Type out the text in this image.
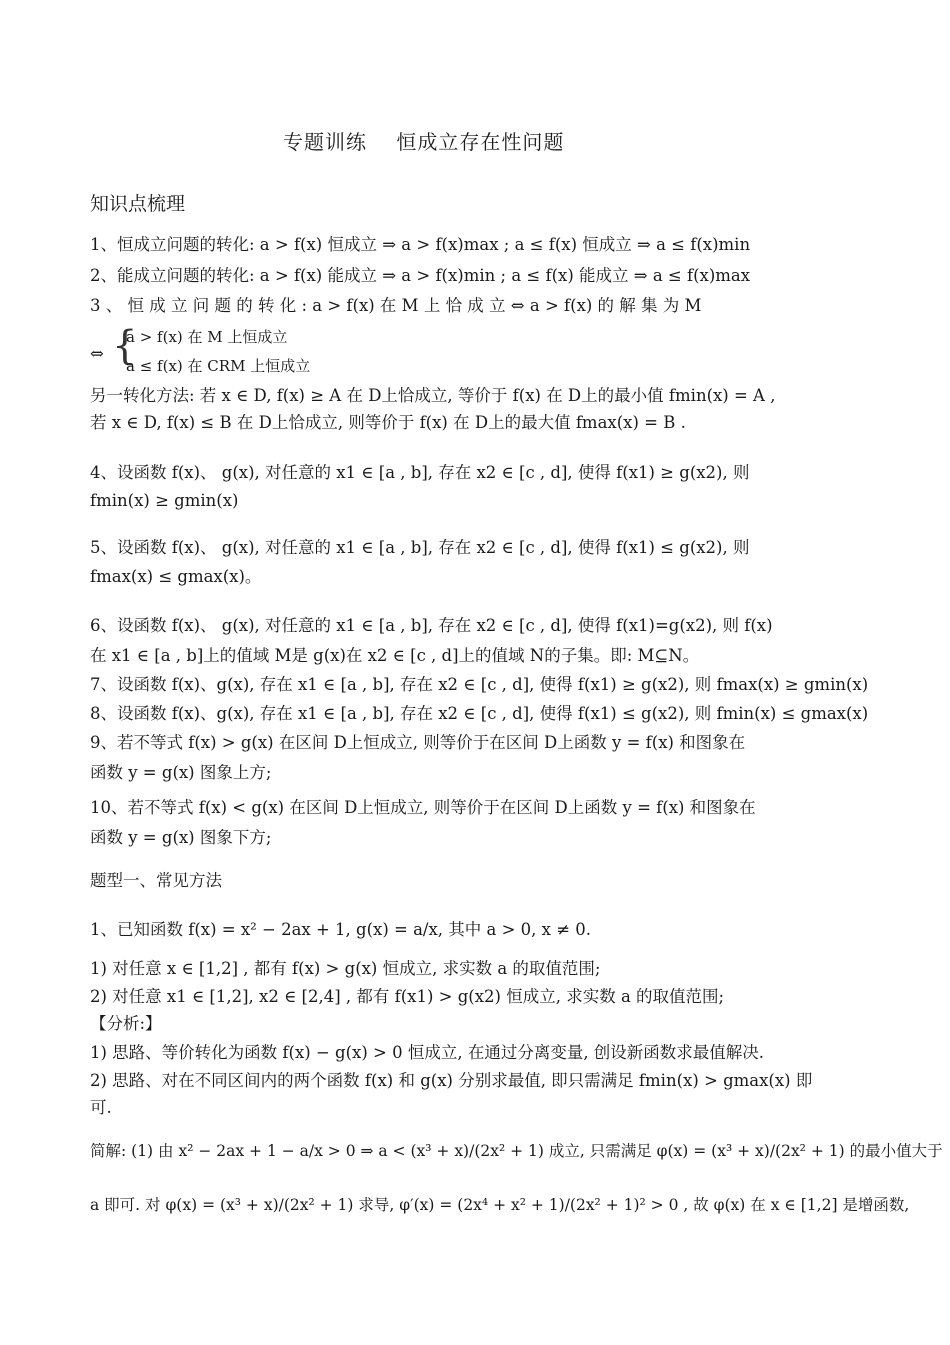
专题训练    恒成立存在性问题
知识点梳理
1、恒成立问题的转化: a > f(x) 恒成立 ⇒ a > f(x)max ; a ≤ f(x) 恒成立 ⇒ a ≤ f(x)min
2、能成立问题的转化: a > f(x) 能成立 ⇒ a > f(x)min ; a ≤ f(x) 能成立 ⇒ a ≤ f(x)max
3 、 恒 成 立 问 题 的 转 化 : a > f(x) 在 M 上 恰 成 立 ⇔ a > f(x) 的 解 集 为 M
⇔ {
a > f(x) 在 M 上恒成立
a ≤ f(x) 在 CRM 上恒成立
另一转化方法: 若 x ∈ D, f(x) ≥ A 在 D上恰成立, 等价于 f(x) 在 D上的最小值 fmin(x) = A ,
若 x ∈ D, f(x) ≤ B 在 D上恰成立, 则等价于 f(x) 在 D上的最大值 fmax(x) = B .
4、设函数 f(x)、 g(x), 对任意的 x1 ∈ [a , b], 存在 x2 ∈ [c , d], 使得 f(x1) ≥ g(x2), 则
fmin(x) ≥ gmin(x)
5、设函数 f(x)、 g(x), 对任意的 x1 ∈ [a , b], 存在 x2 ∈ [c , d], 使得 f(x1) ≤ g(x2), 则
fmax(x) ≤ gmax(x)。
6、设函数 f(x)、 g(x), 对任意的 x1 ∈ [a , b], 存在 x2 ∈ [c , d], 使得 f(x1)=g(x2), 则 f(x)
在 x1 ∈ [a , b]上的值域 M是 g(x)在 x2 ∈ [c , d]上的值域 N的子集。即: M⊆N。
7、设函数 f(x)、g(x), 存在 x1 ∈ [a , b], 存在 x2 ∈ [c , d], 使得 f(x1) ≥ g(x2), 则 fmax(x) ≥ gmin(x)
8、设函数 f(x)、g(x), 存在 x1 ∈ [a , b], 存在 x2 ∈ [c , d], 使得 f(x1) ≤ g(x2), 则 fmin(x) ≤ gmax(x)
9、若不等式 f(x) > g(x) 在区间 D上恒成立, 则等价于在区间 D上函数 y = f(x) 和图象在
函数 y = g(x) 图象上方;
10、若不等式 f(x) < g(x) 在区间 D上恒成立, 则等价于在区间 D上函数 y = f(x) 和图象在
函数 y = g(x) 图象下方;
题型一、常见方法
1、已知函数 f(x) = x² − 2ax + 1, g(x) = a/x, 其中 a > 0, x ≠ 0.
1) 对任意 x ∈ [1,2] , 都有 f(x) > g(x) 恒成立, 求实数 a 的取值范围;
2) 对任意 x1 ∈ [1,2], x2 ∈ [2,4] , 都有 f(x1) > g(x2) 恒成立, 求实数 a 的取值范围;
【分析:】
1) 思路、等价转化为函数 f(x) − g(x) > 0 恒成立, 在通过分离变量, 创设新函数求最值解决.
2) 思路、对在不同区间内的两个函数 f(x) 和 g(x) 分别求最值, 即只需满足 fmin(x) > gmax(x) 即
可.
简解: (1) 由 x² − 2ax + 1 − a/x > 0 ⇒ a < (x³ + x)/(2x² + 1) 成立, 只需满足 φ(x) = (x³ + x)/(2x² + 1) 的最小值大于
a 即可. 对 φ(x) = (x³ + x)/(2x² + 1) 求导, φ′(x) = (2x⁴ + x² + 1)/(2x² + 1)² > 0 , 故 φ(x) 在 x ∈ [1,2] 是增函数,
